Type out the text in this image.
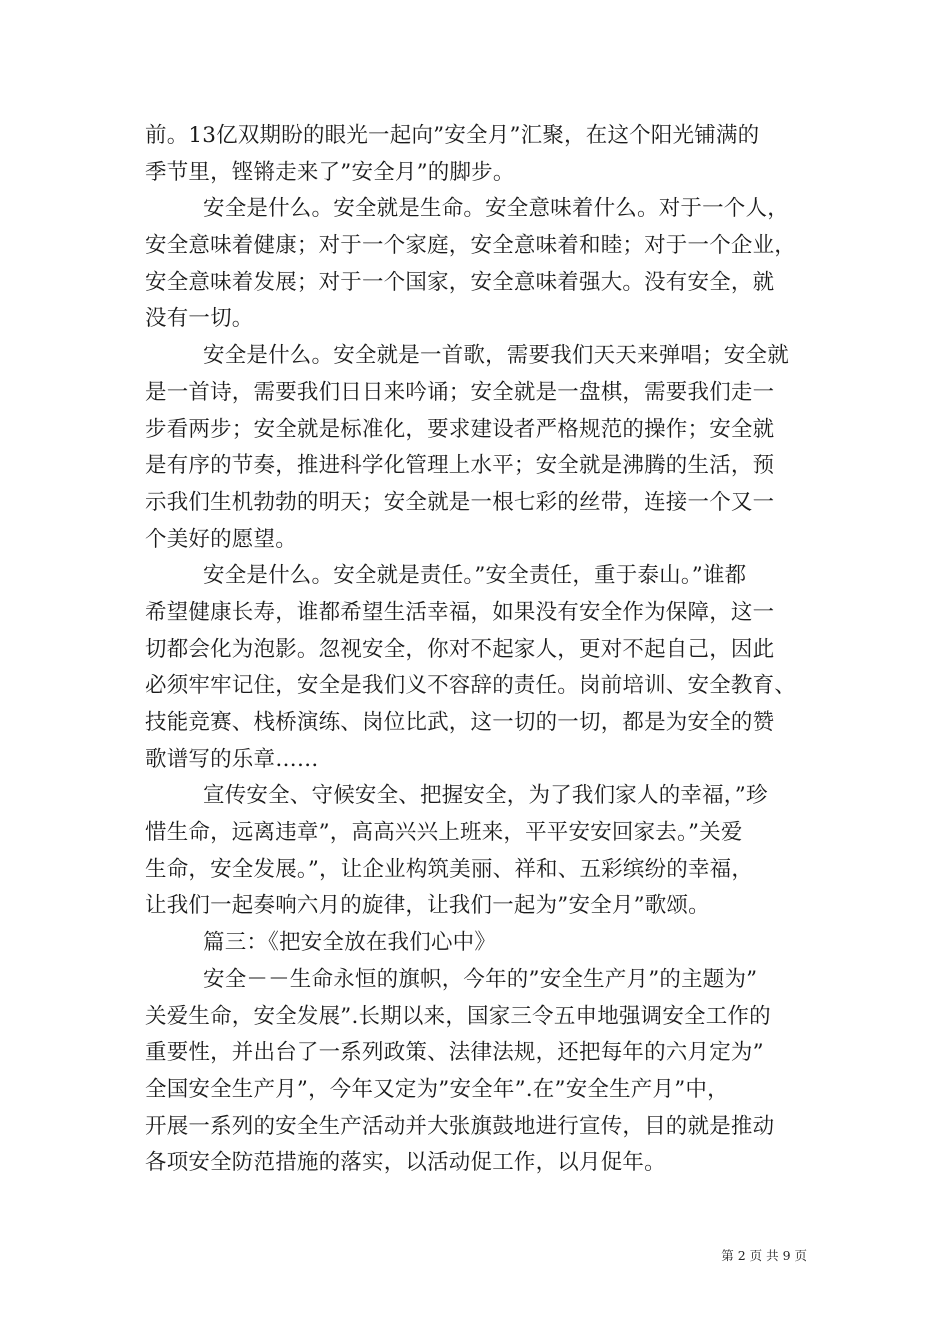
前。13亿双期盼的眼光一起向”安全月”汇聚，在这个阳光铺满的
季节里，铿锵走来了”安全月”的脚步。
安全是什么。安全就是生命。安全意味着什么。对于一个人，
安全意味着健康；对于一个家庭，安全意味着和睦；对于一个企业，
安全意味着发展；对于一个国家，安全意味着强大。没有安全，就
没有一切。
安全是什么。安全就是一首歌，需要我们天天来弹唱；安全就
是一首诗，需要我们日日来吟诵；安全就是一盘棋，需要我们走一
步看两步；安全就是标准化，要求建设者严格规范的操作；安全就
是有序的节奏，推进科学化管理上水平；安全就是沸腾的生活，预
示我们生机勃勃的明天；安全就是一根七彩的丝带，连接一个又一
个美好的愿望。
安全是什么。安全就是责任。”安全责任，重于泰山。”谁都
希望健康长寿，谁都希望生活幸福，如果没有安全作为保障，这一
切都会化为泡影。忽视安全，你对不起家人，更对不起自己，因此
必须牢牢记住，安全是我们义不容辞的责任。岗前培训、安全教育、
技能竞赛、栈桥演练、岗位比武，这一切的一切，都是为安全的赞
歌谱写的乐章……
宣传安全、守候安全、把握安全，为了我们家人的幸福，”珍
惜生命，远离违章”，高高兴兴上班来，平平安安回家去。”关爱
生命，安全发展。”，让企业构筑美丽、祥和、五彩缤纷的幸福，
让我们一起奏响六月的旋律，让我们一起为”安全月”歌颂。
篇三：《把安全放在我们心中》
安全－－生命永恒的旗帜，今年的”安全生产月”的主题为”
关爱生命，安全发展”.长期以来，国家三令五申地强调安全工作的
重要性，并出台了一系列政策、法律法规，还把每年的六月定为”
全国安全生产月”，今年又定为”安全年”.在”安全生产月”中，
开展一系列的安全生产活动并大张旗鼓地进行宣传，目的就是推动
各项安全防范措施的落实，以活动促工作，以月促年。
第 2 页 共 9 页
